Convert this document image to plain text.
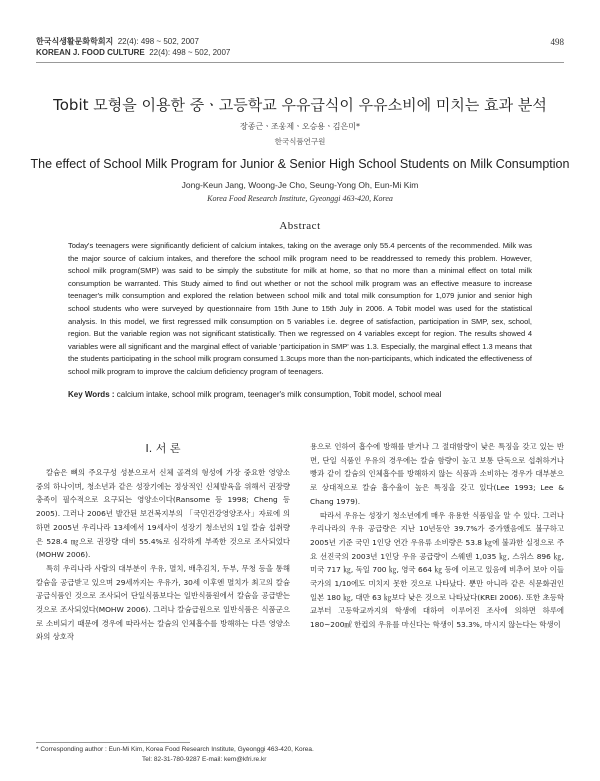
한국식생활문화학회지 22(4): 498 ~ 502, 2007
KOREAN J. FOOD CULTURE 22(4): 498 ~ 502, 2007
498
Tobit 모형을 이용한 중ㆍ고등학교 우유급식이 우유소비에 미치는 효과 분석
장종근ㆍ조웅제ㆍ오승용ㆍ김은미*
한국식품연구원
The effect of School Milk Program for Junior & Senior High School Students on Milk Consumption
Jong-Keun Jang, Woong-Je Cho, Seung-Yong Oh, Eun-Mi Kim
Korea Food Research Institute, Gyeonggi 463-420, Korea
Abstract
Today's teenagers were significantly deficient of calcium intakes, taking on the average only 55.4 percents of the recommended. Milk was the major source of calcium intakes, and therefore the school milk program need to be readdressed to remedy this problem. However, school milk program(SMP) was said to be simply the substitute for milk at home, so that no more than a minimal effect on total milk consumption be warranted. This Study aimed to find out whether or not the school milk program was an effective measure to increase teenager's milk consumption and explored the relation between school milk and total milk consumption for 1,079 junior and senior high school students who were surveyed by questionnaire from 15th June to 15th July in 2006. A Tobit model was used for the statistical analysis. In this model, we first regressed milk consumption on 5 variables i.e. degree of satisfaction, participation in SMP, sex, school, region. But the variable region was not significant statistically. Then we regressed on 4 variables except for region. The results showed 4 variables were all significant and the marginal effect of variable 'participation in SMP' was 1.3. Especially, the marginal effect 1.3 means that the students participating in the school milk program consumed 1.3cups more than the non-participants, which indicated the effectiveness of school milk program to improve the calcium deficiency program of teenagers.
Key Words : calcium intake, school milk program, teenager's milk consumption, Tobit model, school meal
I. 서 론

칼슘은 뼈의 주요구성 성분으로서 신체 골격의 형성에 가장 중요한 영양소 중의 하나이며, 청소년과 같은 성장기에는 정상적인 신체발육을 위해서 권장량 충족이 필수적으로 요구되는 영양소이다(Ransome 등 1998; Cheng 등 2005). 그러나 2006년 발간된 보건복지부의 「국민건강영양조사」자료에 의하면 2005년 우리나라 13세에서 19세사이 성장기 청소년의 1일 칼슘 섭취량은 528.4 ㎎으로 권장량 대비 55.4%로 심각하게 부족한 것으로 조사되었다(MOHW 2006).

특히 우리나라 사람의 대부분이 우유, 멸치, 배추김치, 두부, 무청 등을 통해 칼슘을 공급받고 있으며 29세까지는 우유가, 30세 이후엔 멸치가 최고의 칼슘 공급식품인 것으로 조사되어 단일식품보다는 일반식품원에서 칼슘을 공급받는 것으로 조사되었다(MOHW 2006). 그러나 칼슘급원으로 일반식품은 식품군으로 소비되기 때문에 경우에 따라서는 칼슘의 인체흡수를 방해하는 다른 영양소와의 상호작

용으로 인하여 흡수에 방해를 받거나 그 절대함량이 낮은 특징을 갖고 있는 반면, 단일 식품인 우유의 경우에는 칼슘 함량이 높고 보통 단독으로 섭취하거나 빵과 같이 칼슘의 인체흡수를 방해하지 않는 식품과 소비하는 경우가 대부분으로 상대적으로 칼슘 흡수율이 높은 특징을 갖고 있다(Lee 1993; Lee & Chang 1979).

따라서 우유는 성장기 청소년에게 매우 유용한 식품임을 알 수 있다. 그러나 우리나라의 우유 공급량은 지난 10년동안 39.7%가 증가했음에도 불구하고 2005년 기준 국민 1인당 연간 우유류 소비량은 53.8 ㎏에 불과한 실정으로 주요 선진국의 2003년 1인당 우유 공급량이 스웨덴 1,035 ㎏, 스위스 896 ㎏, 미국 717 ㎏, 독일 700 ㎏, 영국 664 ㎏ 등에 이르고 있음에 비추어 보아 이들 국가의 1/10에도 미치지 못한 것으로 나타났다. 뿐만 아니라 같은 식문화권인 일본 180 ㎏, 대만 63 ㎏보다 낮은 것으로 나타났다(KREI 2006). 또한 초등학교부터 고등학교까지의 학생에 대하여 이루어진 조사에 의하면 하루에 180~200㎖ 한컵의 우유를 마신다는 학생이 53.3%, 마시지 않는다는 학생이

* Corresponding author : Eun-Mi Kim, Korea Food Research Institute, Gyeonggi 463-420, Korea.
Tel: 82-31-780-9287 E-mail: kem@kfri.re.kr
